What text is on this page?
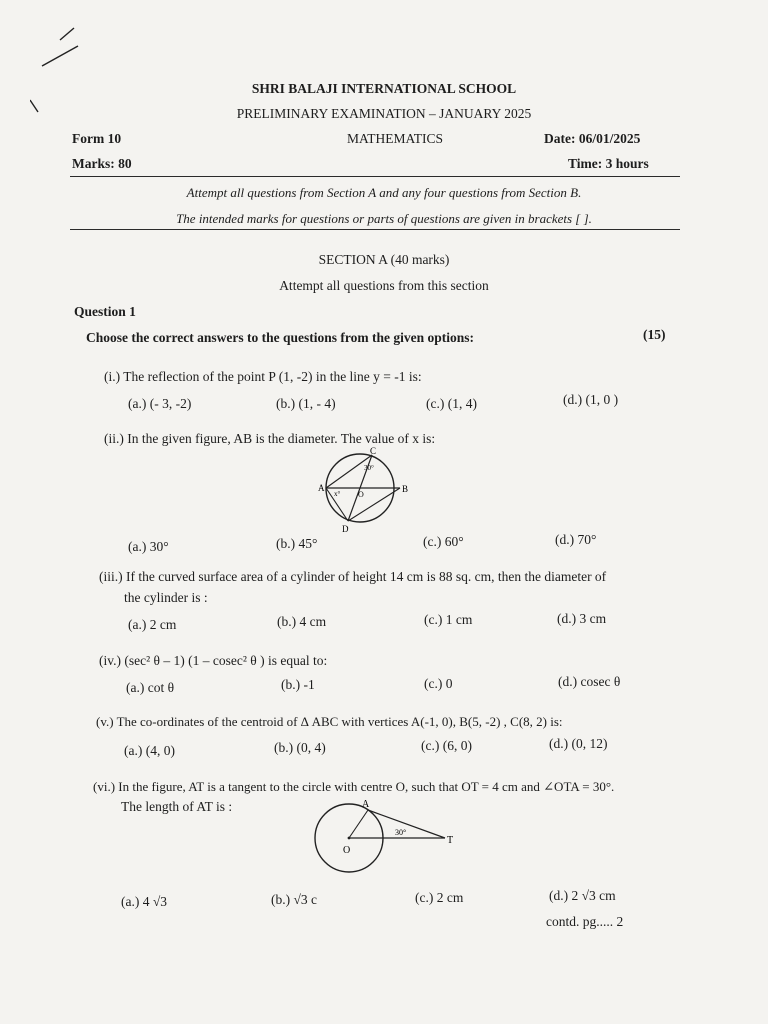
SHRI BALAJI INTERNATIONAL SCHOOL
PRELIMINARY EXAMINATION – JANUARY 2025
Form 10	MATHEMATICS	Date: 06/01/2025
Marks: 80	Time: 3 hours
Attempt all questions from Section A and any four questions from Section B.
The intended marks for questions or parts of questions are given in brackets [ ].
SECTION A (40 marks)
Attempt all questions from this section
Question 1
Choose the correct answers to the questions from the given options:	(15)
(i.) The reflection of the point P (1, -2) in the line y = -1 is:
(a.) (- 3, -2)	(b.) (1, - 4)	(c.) (1, 4)	(d.) (1, 0 )
(ii.) In the given figure, AB is the diameter. The value of x is:
A	B
C
D
O
30°
x°
(a.) 30°	(b.) 45°	(c.) 60°	(d.) 70°
(iii.) If the curved surface area of a cylinder of height 14 cm is 88 sq. cm, then the diameter of
the cylinder is :
(a.) 2 cm	(b.) 4 cm	(c.) 1 cm	(d.) 3 cm
(iv.) (sec² θ – 1) (1 – cosec² θ ) is equal to:
(a.) cot θ	(b.) -1	(c.) 0	(d.) cosec θ
(v.) The co-ordinates of the centroid of Δ ABC with vertices A(-1, 0), B(5, -2) , C(8, 2) is:
(a.) (4, 0)	(b.) (0, 4)	(c.) (6, 0)	(d.) (0, 12)
(vi.) In the figure, AT is a tangent to the circle with centre O, such that OT = 4 cm and ∠OTA = 30°.
The length of AT is :	A
O
T
30°
(a.) 4 √3	(b.) √3 c	(c.) 2 cm	(d.) 2 √3 cm
contd. pg..... 2
